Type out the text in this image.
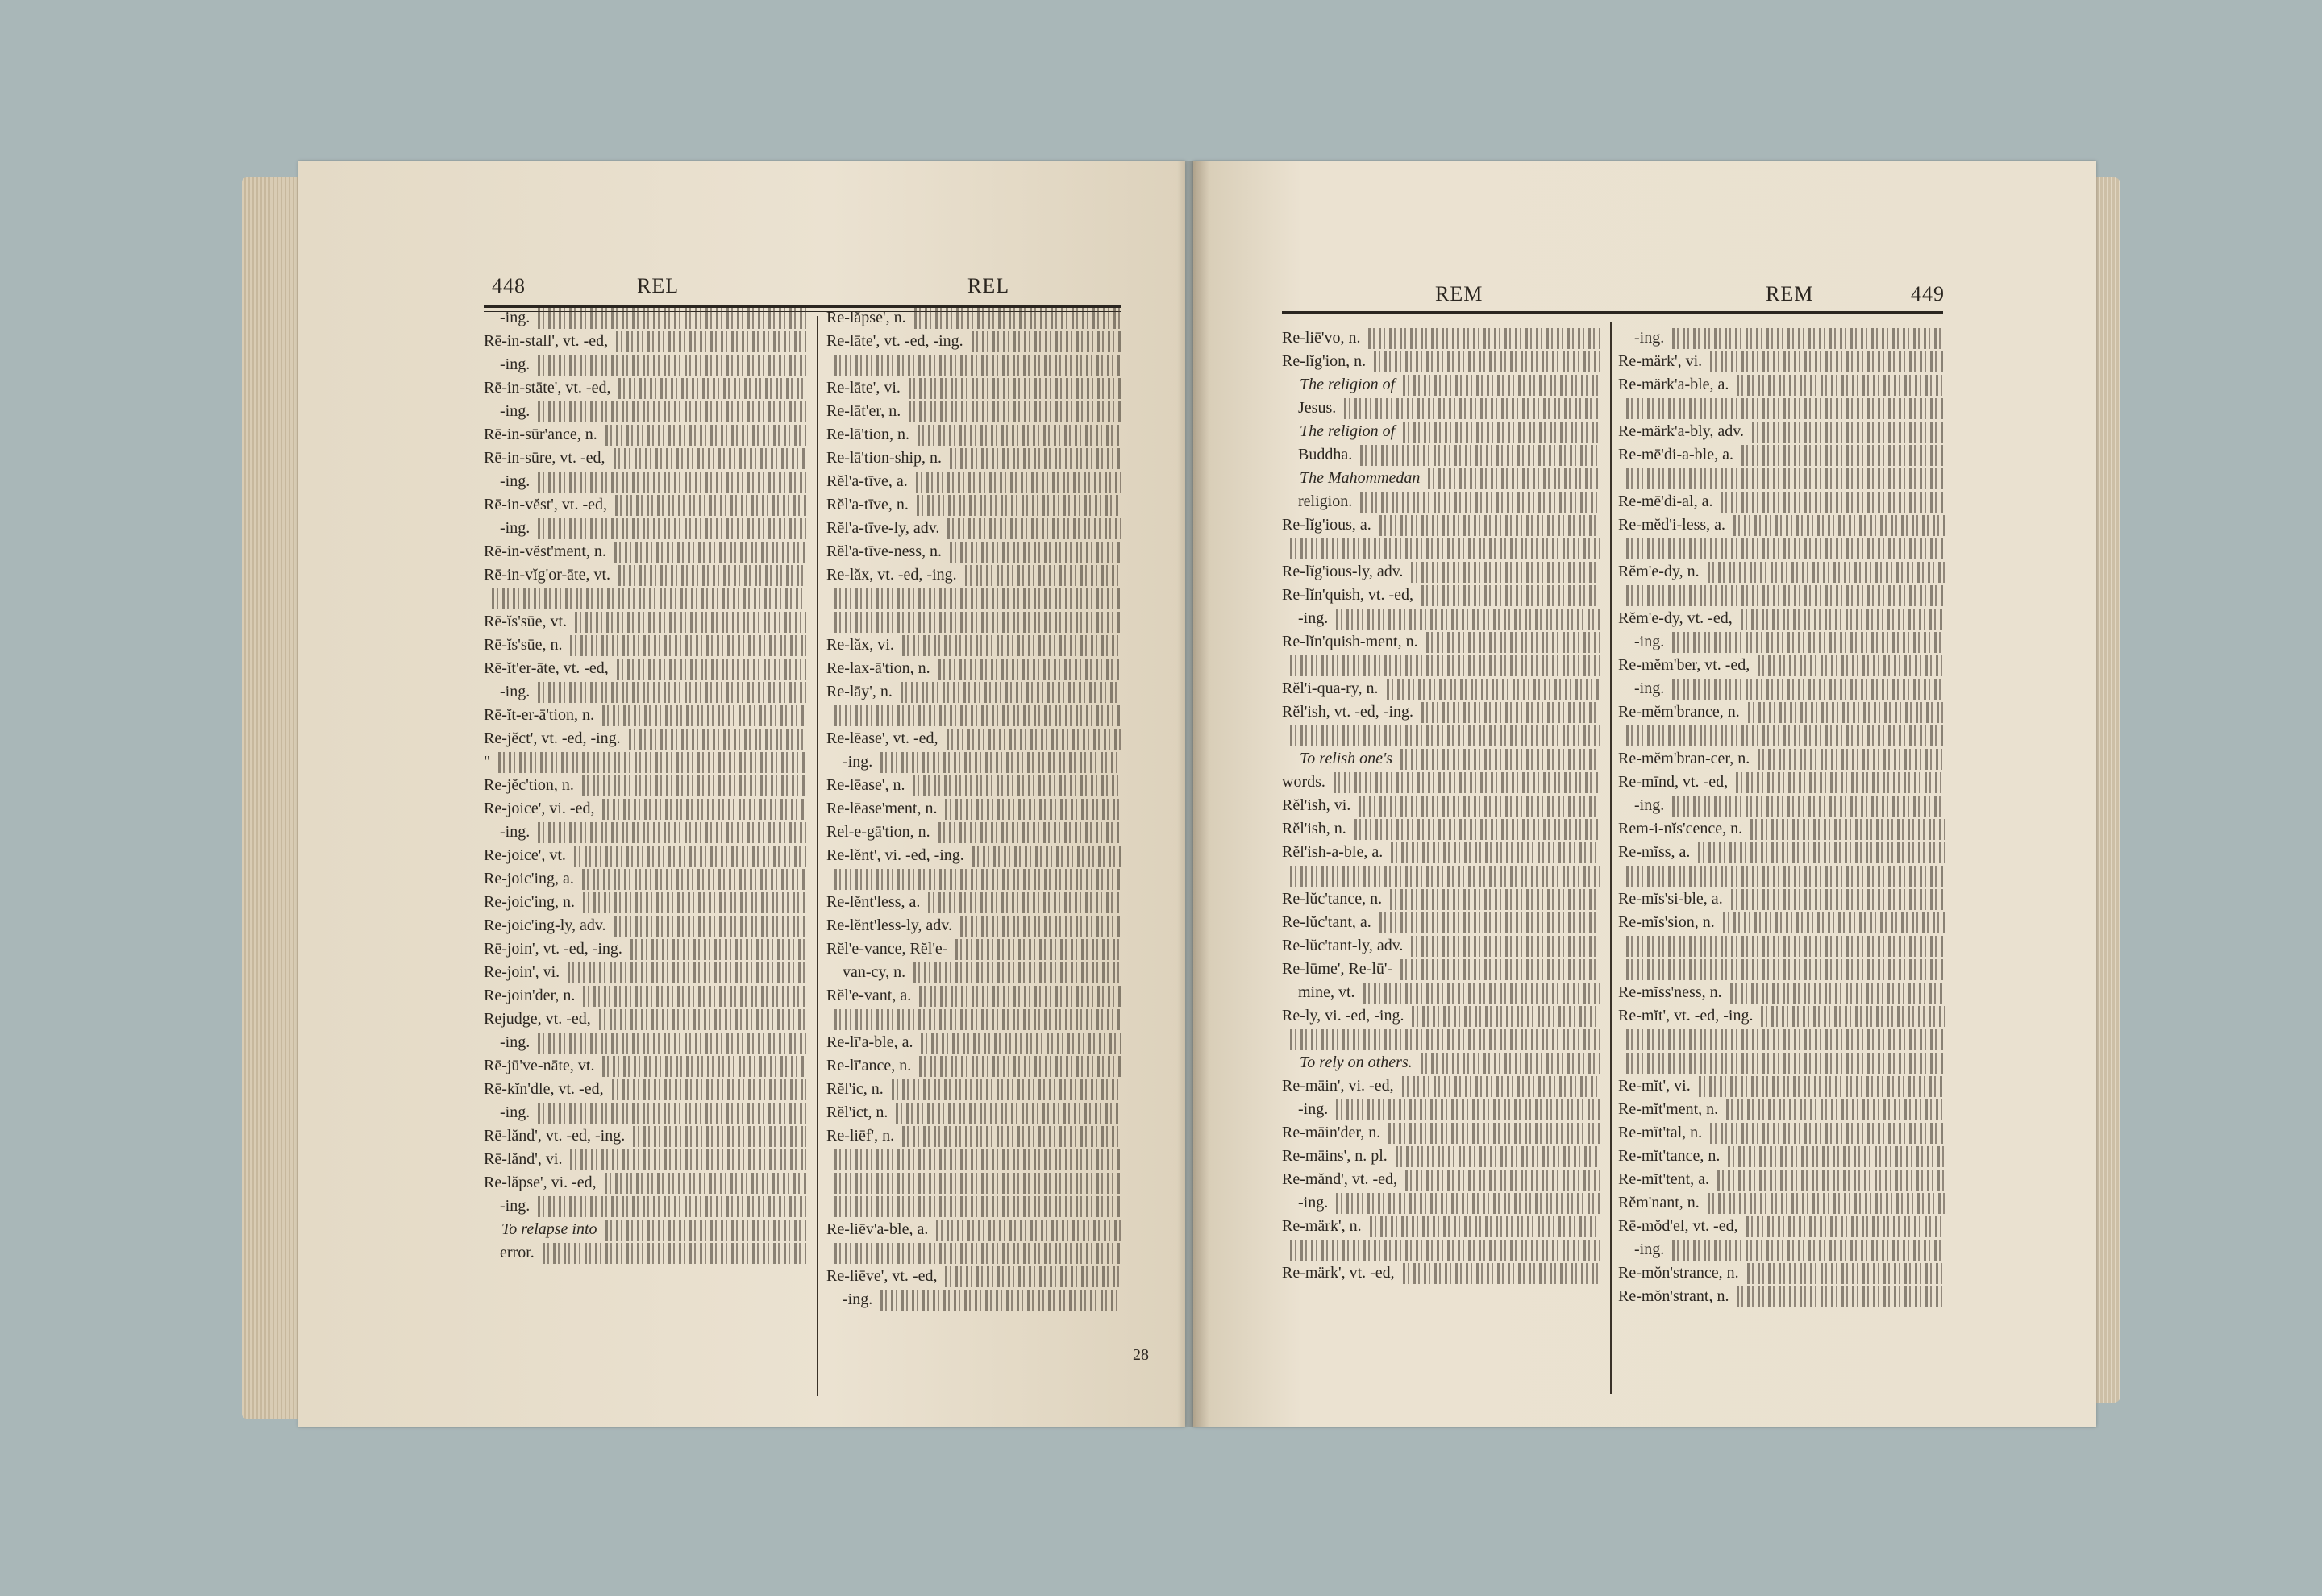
448	REL	REL
-ing.
Rē-in-stall', vt. -ed,
-ing.
Rē-in-stāte', vt. -ed,
-ing.
Rē-in-sūr'ance, n.
Rē-in-sūre, vt. -ed,
-ing.
Rē-in-vĕst', vt. -ed,
-ing.
Rē-in-vĕst'ment, n.
Rē-in-vĭg'or-āte, vt.
Rē-ĭs'sūe, vt.
Rē-ĭs'sūe, n.
Rē-ĭt'er-āte, vt. -ed,
-ing.
Rē-ĭt-er-ā'tion, n.
Re-jĕct', vt. -ed, -ing.
"
Re-jĕc'tion, n.
Re-joice', vi. -ed,
-ing.
Re-joice', vt.
Re-joic'ing, a.
Re-joic'ing, n.
Re-joic'ing-ly, adv.
Rē-join', vt. -ed, -ing.
Re-join', vi.
Re-join'der, n.
Rejudge, vt. -ed,
-ing.
Rē-jū've-nāte, vt.
Rē-kĭn'dle, vt. -ed,
-ing.
Rē-lănd', vt. -ed, -ing.
Rē-lănd', vi.
Re-lăpse', vi. -ed,
-ing.
To relapse into
error.
Re-lăpse', n.
Re-lāte', vt. -ed, -ing.
Re-lāte', vi.
Re-lāt'er, n.
Re-lā'tion, n.
Re-lā'tion-ship, n.
Rĕl'a-tīve, a.
Rĕl'a-tīve, n.
Rĕl'a-tīve-ly, adv.
Rĕl'a-tīve-ness, n.
Re-lăx, vt. -ed, -ing.
Re-lăx, vi.
Re-lax-ā'tion, n.
Re-lāy', n.
Re-lēase', vt. -ed,
-ing.
Re-lēase', n.
Re-lēase'ment, n.
Rel-e-gā'tion, n.
Re-lĕnt', vi. -ed, -ing.
Re-lĕnt'less, a.
Re-lĕnt'less-ly, adv.
Rĕl'e-vance, Rĕl'e-
van-cy, n.
Rĕl'e-vant, a.
Re-lī'a-ble, a.
Re-lī'ance, n.
Rĕl'ic, n.
Rĕl'ict, n.
Re-liēf', n.
Re-liēv'a-ble, a.
Re-liēve', vt. -ed,
-ing.
28
REM	REM	449
Re-liē'vo, n.
Re-lĭg'ion, n.
The religion of
Jesus.
The religion of
Buddha.
The Mahommedan
religion.
Re-lĭg'ious, a.
Re-lĭg'ious-ly, adv.
Re-lĭn'quish, vt. -ed,
-ing.
Re-lĭn'quish-ment, n.
Rĕl'i-qua-ry, n.
Rĕl'ish, vt. -ed, -ing.
To relish one's
words.
Rĕl'ish, vi.
Rĕl'ish, n.
Rĕl'ish-a-ble, a.
Re-lŭc'tance, n.
Re-lŭc'tant, a.
Re-lŭc'tant-ly, adv.
Re-lūme', Re-lū'-
mine, vt.
Re-ly, vi. -ed, -ing.
To rely on others.
Re-māin', vi. -ed,
-ing.
Re-māin'der, n.
Re-māins', n. pl.
Re-mănd', vt. -ed,
-ing.
Re-märk', n.
Re-märk', vt. -ed,
-ing.
Re-märk', vi.
Re-märk'a-ble, a.
Re-märk'a-bly, adv.
Re-mē'di-a-ble, a.
Re-mē'di-al, a.
Re-mĕd'i-less, a.
Rĕm'e-dy, n.
Rĕm'e-dy, vt. -ed,
-ing.
Re-mĕm'ber, vt. -ed,
-ing.
Re-mĕm'brance, n.
Re-mĕm'bran-cer, n.
Re-mīnd, vt. -ed,
-ing.
Rem-i-nĭs'cence, n.
Re-mĭss, a.
Re-mĭs'si-ble, a.
Re-mĭs'sion, n.
Re-mĭss'ness, n.
Re-mĭt', vt. -ed, -ing.
Re-mĭt', vi.
Re-mĭt'ment, n.
Re-mĭt'tal, n.
Re-mĭt'tance, n.
Re-mĭt'tent, a.
Rĕm'nant, n.
Rē-mŏd'el, vt. -ed,
-ing.
Re-mŏn'strance, n.
Re-mŏn'strant, n.
